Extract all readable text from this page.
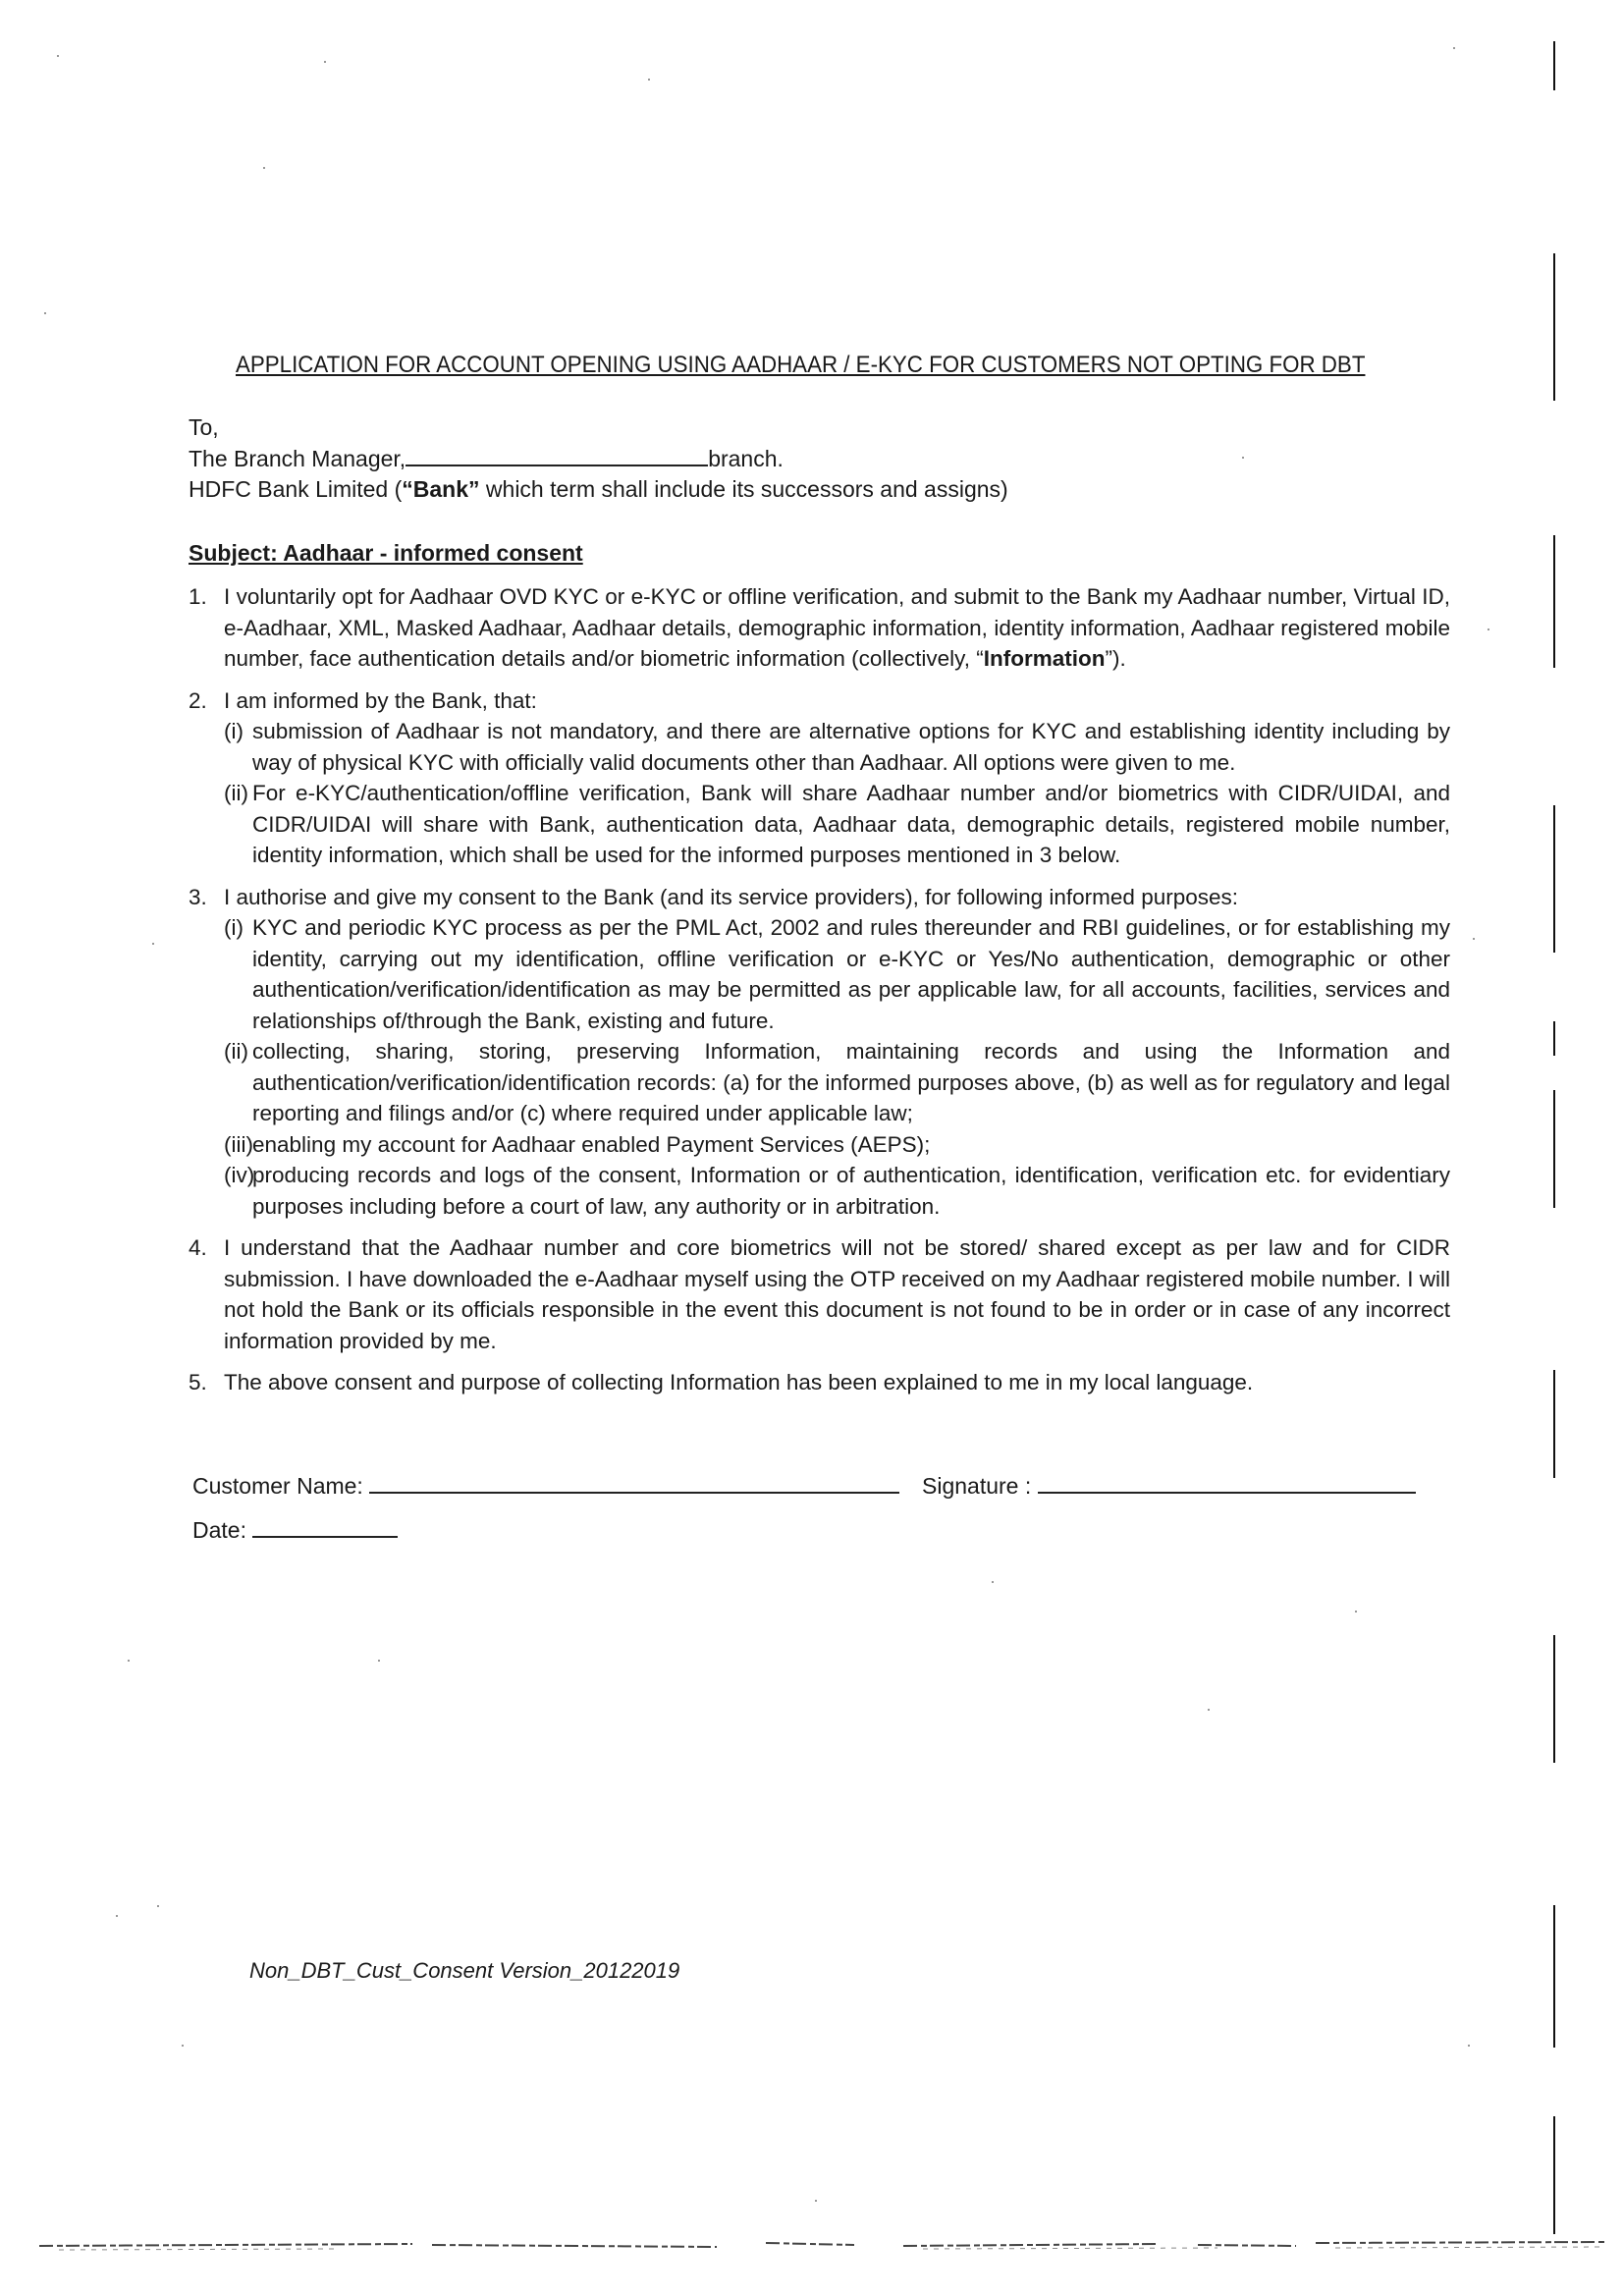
APPLICATION FOR ACCOUNT OPENING USING AADHAAR / E-KYC FOR CUSTOMERS NOT OPTING FOR DBT
To,
The Branch Manager,	branch.
HDFC Bank Limited (“Bank” which term shall include its successors and assigns)
Subject: Aadhaar - informed consent
1. I voluntarily opt for Aadhaar OVD KYC or e-KYC or offline verification, and submit to the Bank my Aadhaar number, Virtual ID, e-Aadhaar, XML, Masked Aadhaar, Aadhaar details, demographic information, identity information, Aadhaar registered mobile number, face authentication details and/or biometric information (collectively, “Information”).
2. I am informed by the Bank, that:
(i) submission of Aadhaar is not mandatory, and there are alternative options for KYC and establishing identity including by way of physical KYC with officially valid documents other than Aadhaar. All options were given to me.
(ii) For e-KYC/authentication/offline verification, Bank will share Aadhaar number and/or biometrics with CIDR/UIDAI, and CIDR/UIDAI will share with Bank, authentication data, Aadhaar data, demographic details, registered mobile number, identity information, which shall be used for the informed purposes mentioned in 3 below.
3. I authorise and give my consent to the Bank (and its service providers), for following informed purposes:
(i) KYC and periodic KYC process as per the PML Act, 2002 and rules thereunder and RBI guidelines, or for establishing my identity, carrying out my identification, offline verification or e-KYC or Yes/No authentication, demographic or other authentication/verification/identification as may be permitted as per applicable law, for all accounts, facilities, services and relationships of/through the Bank, existing and future.
(ii) collecting, sharing, storing, preserving Information, maintaining records and using the Information and authentication/verification/identification records: (a) for the informed purposes above, (b) as well as for regulatory and legal reporting and filings and/or (c) where required under applicable law;
(iii) enabling my account for Aadhaar enabled Payment Services (AEPS);
(iv)
producing records and logs of the consent, Information or of authentication, identification, verification etc. for evidentiary purposes including before a court of law, any authority or in arbitration.
4. I understand that the Aadhaar number and core biometrics will not be stored/ shared except as per law and for CIDR submission. I have downloaded the e-Aadhaar myself using the OTP received on my Aadhaar registered mobile number. I will not hold the Bank or its officials responsible in the event this document is not found to be in order or in case of any incorrect information provided by me.
5. The above consent and purpose of collecting Information has been explained to me in my local language.
Customer Name:	Signature :
Date:
Non_DBT_Cust_Consent Version_20122019
